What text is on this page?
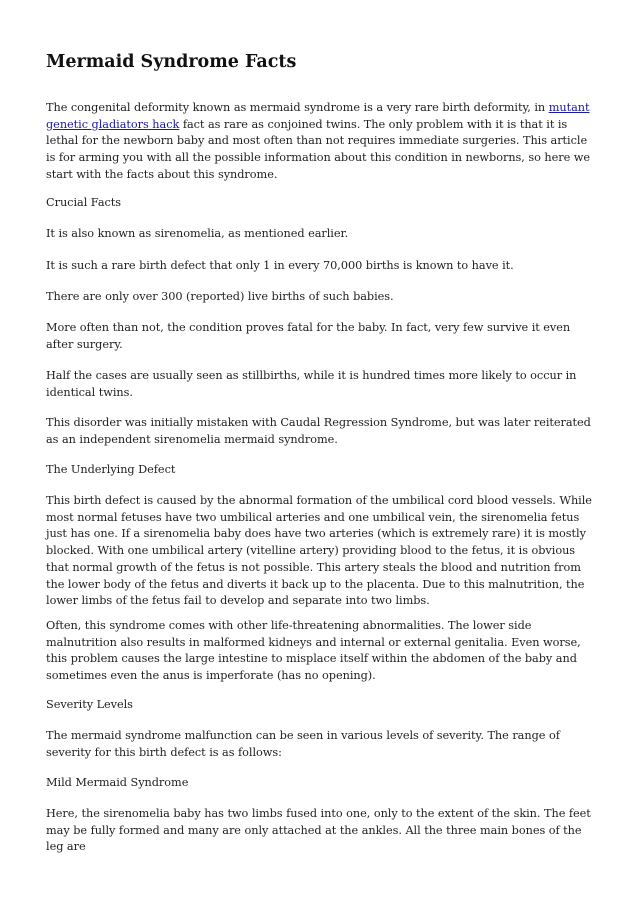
Mermaid Syndrome Facts

The congenital deformity known as mermaid syndrome is a very rare birth deformity, in mutant genetic gladiators hack fact as rare as conjoined twins. The only problem with it is that it is lethal for the newborn baby and most often than not requires immediate surgeries. This article is for arming you with all the possible information about this condition in newborns, so here we start with the facts about this syndrome.

Crucial Facts

It is also known as sirenomelia, as mentioned earlier.

It is such a rare birth defect that only 1 in every 70,000 births is known to have it.

There are only over 300 (reported) live births of such babies.

More often than not, the condition proves fatal for the baby. In fact, very few survive it even after surgery.

Half the cases are usually seen as stillbirths, while it is hundred times more likely to occur in identical twins.

This disorder was initially mistaken with Caudal Regression Syndrome, but was later reiterated as an independent sirenomelia mermaid syndrome.

The Underlying Defect

This birth defect is caused by the abnormal formation of the umbilical cord blood vessels. While most normal fetuses have two umbilical arteries and one umbilical vein, the sirenomelia fetus just has one. If a sirenomelia baby does have two arteries (which is extremely rare) it is mostly blocked. With one umbilical artery (vitelline artery) providing blood to the fetus, it is obvious that normal growth of the fetus is not possible. This artery steals the blood and nutrition from the lower body of the fetus and diverts it back up to the placenta. Due to this malnutrition, the lower limbs of the fetus fail to develop and separate into two limbs.

Often, this syndrome comes with other life-threatening abnormalities. The lower side malnutrition also results in malformed kidneys and internal or external genitalia. Even worse, this problem causes the large intestine to misplace itself within the abdomen of the baby and sometimes even the anus is imperforate (has no opening).

Severity Levels

The mermaid syndrome malfunction can be seen in various levels of severity. The range of severity for this birth defect is as follows:

Mild Mermaid Syndrome

Here, the sirenomelia baby has two limbs fused into one, only to the extent of the skin. The feet may be fully formed and many are only attached at the ankles. All the three main bones of the leg are
